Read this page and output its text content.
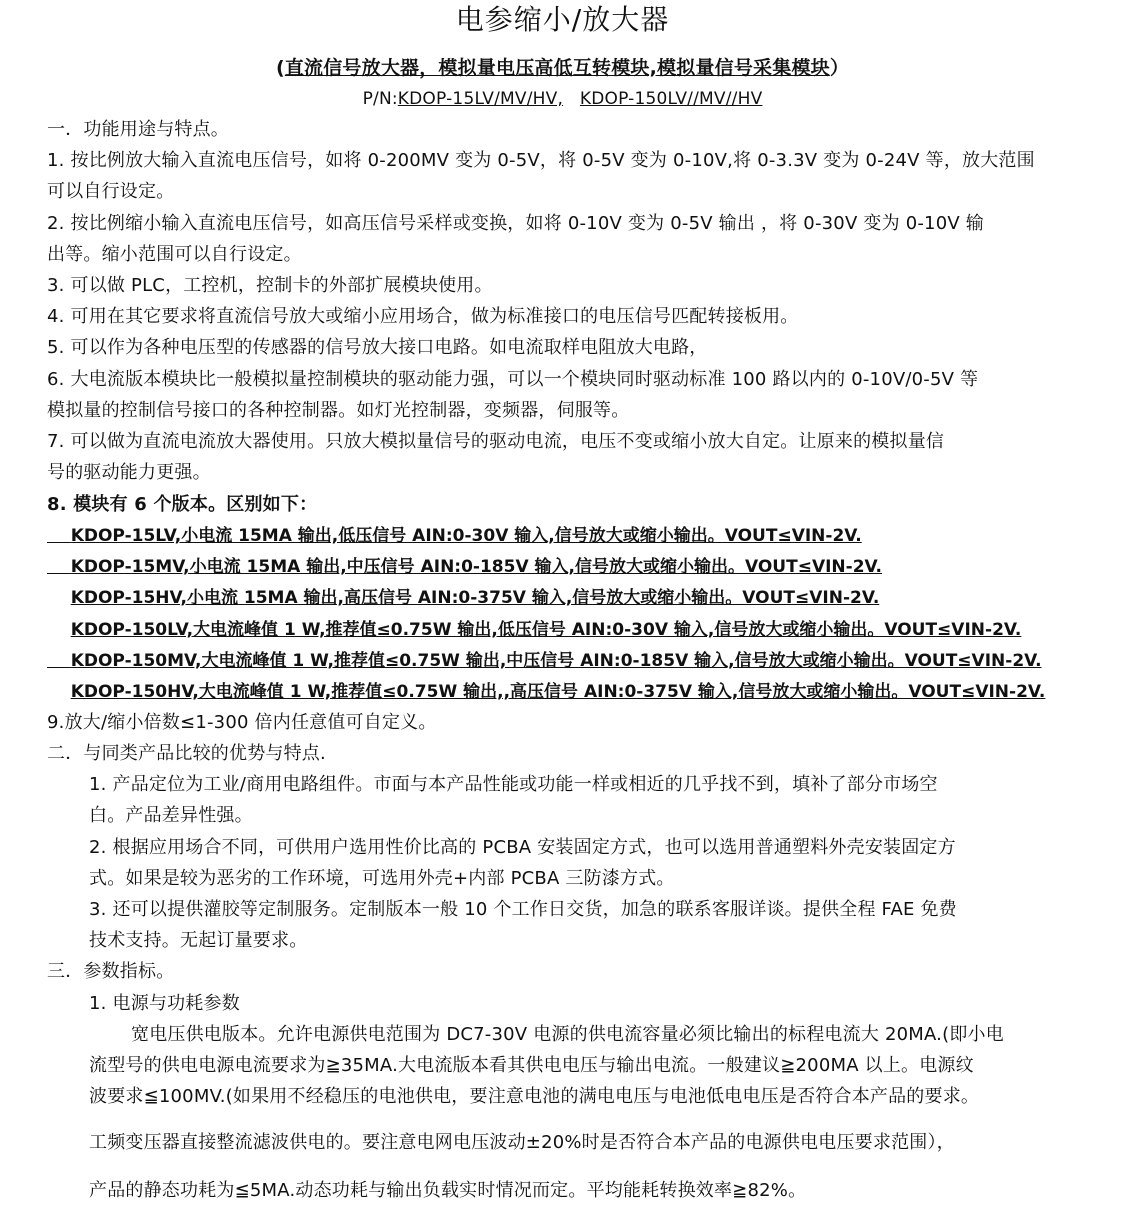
电参缩小/放大器
(直流信号放大器，模拟量电压高低互转模块,模拟量信号采集模块）
P/N:KDOP-15LV/MV/HV, KDOP-150LV//MV//HV
一．功能用途与特点。
1. 按比例放大输入直流电压信号，如将 0-200MV 变为 0-5V，将 0-5V 变为 0-10V,将 0-3.3V 变为 0-24V 等，放大范围
可以自行设定。
2. 按比例缩小输入直流电压信号，如高压信号采样或变换，如将 0-10V 变为 0-5V 输出 ，将 0-30V 变为 0-10V 输
出等。缩小范围可以自行设定。
3. 可以做 PLC，工控机，控制卡的外部扩展模块使用。
4. 可用在其它要求将直流信号放大或缩小应用场合，做为标准接口的电压信号匹配转接板用。
5. 可以作为各种电压型的传感器的信号放大接口电路。如电流取样电阻放大电路，
6. 大电流版本模块比一般模拟量控制模块的驱动能力强，可以一个模块同时驱动标准 100 路以内的 0-10V/0-5V 等
模拟量的控制信号接口的各种控制器。如灯光控制器，变频器，伺服等。
7. 可以做为直流电流放大器使用。只放大模拟量信号的驱动电流，电压不变或缩小放大自定。让原来的模拟量信
号的驱动能力更强。
8. 模块有 6 个版本。区别如下：
KDOP-15LV,小电流 15MA 输出,低压信号 AIN:0-30V 输入,信号放大或缩小输出。VOUT≤VIN-2V.
KDOP-15MV,小电流 15MA 输出,中压信号 AIN:0-185V 输入,信号放大或缩小输出。VOUT≤VIN-2V.
KDOP-15HV,小电流 15MA 输出,高压信号 AIN:0-375V 输入,信号放大或缩小输出。VOUT≤VIN-2V.
KDOP-150LV,大电流峰值 1 W,推荐值≤0.75W 输出,低压信号 AIN:0-30V 输入,信号放大或缩小输出。VOUT≤VIN-2V.
KDOP-150MV,大电流峰值 1 W,推荐值≤0.75W 输出,中压信号 AIN:0-185V 输入,信号放大或缩小输出。VOUT≤VIN-2V.
KDOP-150HV,大电流峰值 1 W,推荐值≤0.75W 输出,,高压信号 AIN:0-375V 输入,信号放大或缩小输出。VOUT≤VIN-2V.
9.放大/缩小倍数≤1-300 倍内任意值可自定义。
二．与同类产品比较的优势与特点.
1. 产品定位为工业/商用电路组件。市面与本产品性能或功能一样或相近的几乎找不到，填补了部分市场空
白。产品差异性强。
2. 根据应用场合不同，可供用户选用性价比高的 PCBA 安装固定方式，也可以选用普通塑料外壳安装固定方
式。如果是较为恶劣的工作环境，可选用外壳+内部 PCBA 三防漆方式。
3. 还可以提供灌胶等定制服务。定制版本一般 10 个工作日交货，加急的联系客服详谈。提供全程 FAE 免费
技术支持。无起订量要求。
三．参数指标。
1. 电源与功耗参数
宽电压供电版本。允许电源供电范围为 DC7-30V 电源的供电流容量必须比输出的标程电流大 20MA.(即小电
流型号的供电电源电流要求为≧35MA.大电流版本看其供电电压与输出电流。一般建议≧200MA 以上。电源纹
波要求≦100MV.(如果用不经稳压的电池供电，要注意电池的满电电压与电池低电电压是否符合本产品的要求。
工频变压器直接整流滤波供电的。要注意电网电压波动±20%时是否符合本产品的电源供电电压要求范围），
产品的静态功耗为≦5MA.动态功耗与输出负载实时情况而定。平均能耗转换效率≧82%。
